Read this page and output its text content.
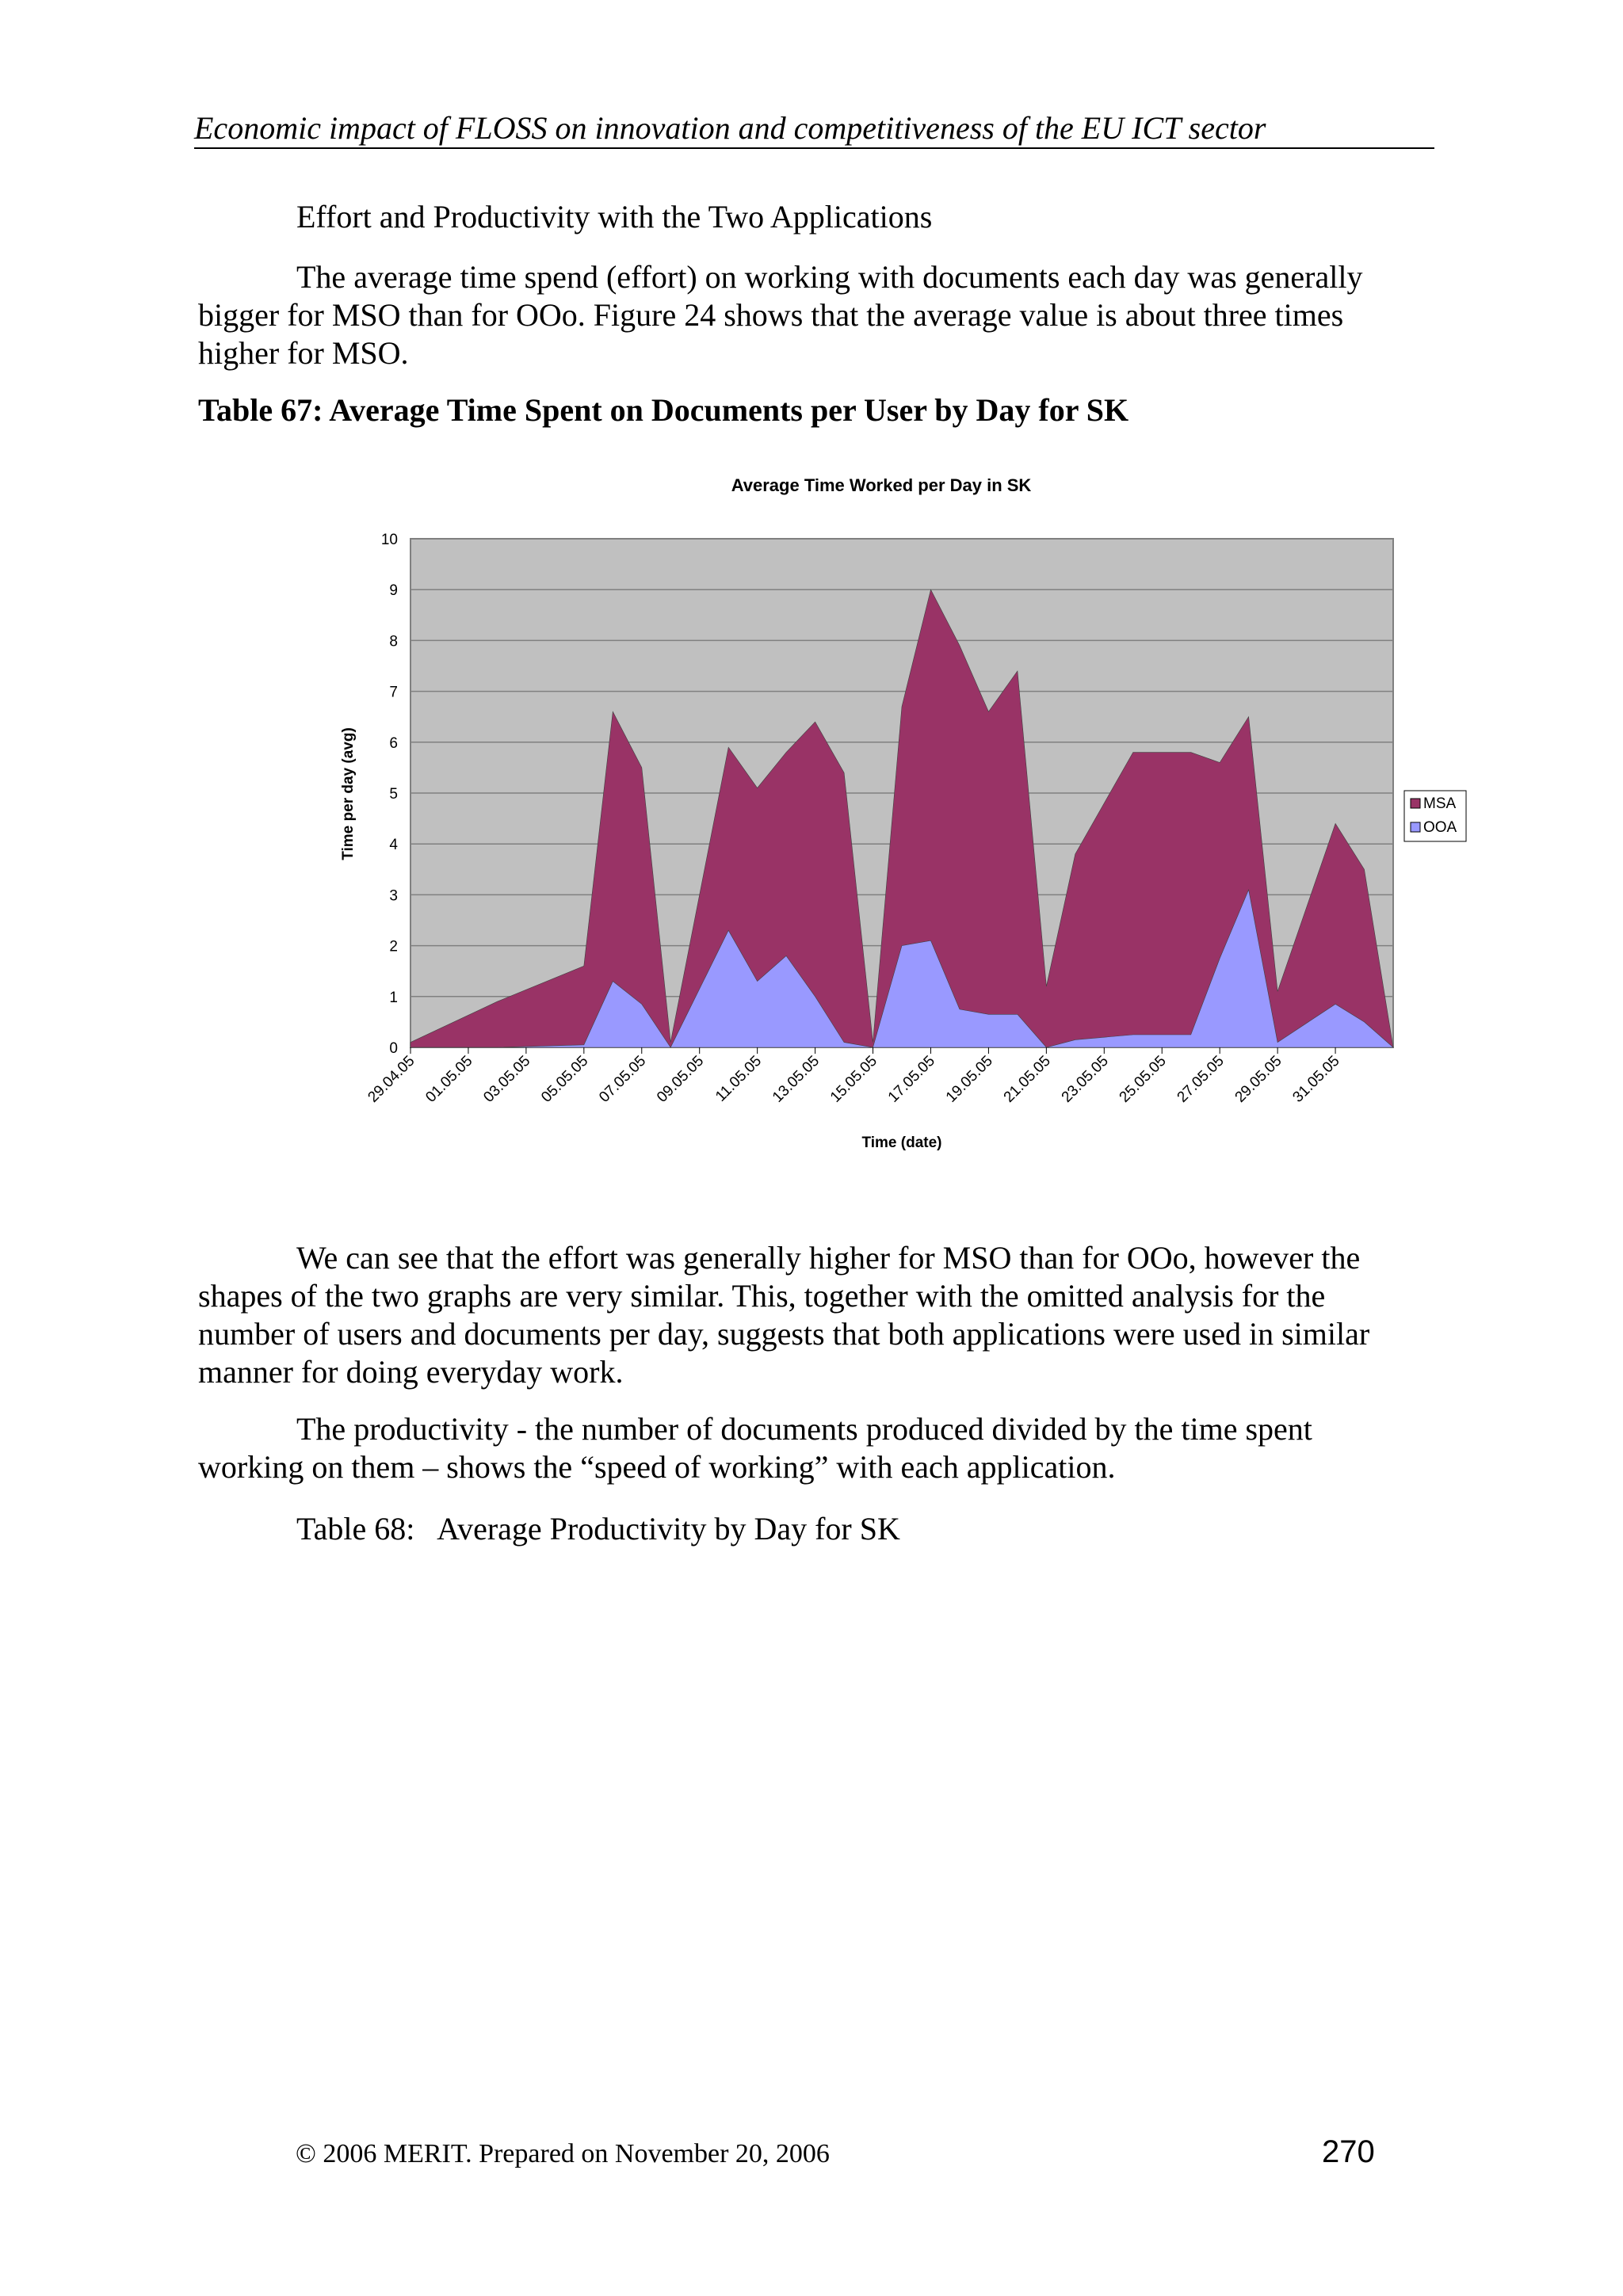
Economic impact of FLOSS on innovation and competitiveness of the EU ICT sector
Effort and Productivity with the Two Applications
The average time spend (effort) on working with documents each day was generally bigger for MSO than for OOo. Figure 24 shows that the average value is about three times higher for MSO.
Table 67: Average Time Spent on Documents per User by Day for SK
Average Time Worked per Day in SK
0
1
2
3
4
5
6
7
8
9
10
29.04.05 01.05.05 03.05.05 05.05.05 07.05.05 09.05.05 11.05.05 13.05.05 15.05.05 17.05.05 19.05.05 21.05.05 23.05.05 25.05.05 27.05.05 29.05.05 31.05.05
Time per day (avg)
Time (date)
MSA
OOA
We can see that the effort was generally higher for MSO than for OOo, however the shapes of the two graphs are very similar. This, together with the omitted analysis for the number of users and documents per day, suggests that both applications were used in similar manner for doing everyday work.
The productivity - the number of documents produced divided by the time spent working on them – shows the “speed of working” with each application.
Table 68:   Average Productivity by Day for SK
© 2006 MERIT. Prepared on November 20, 2006	270
